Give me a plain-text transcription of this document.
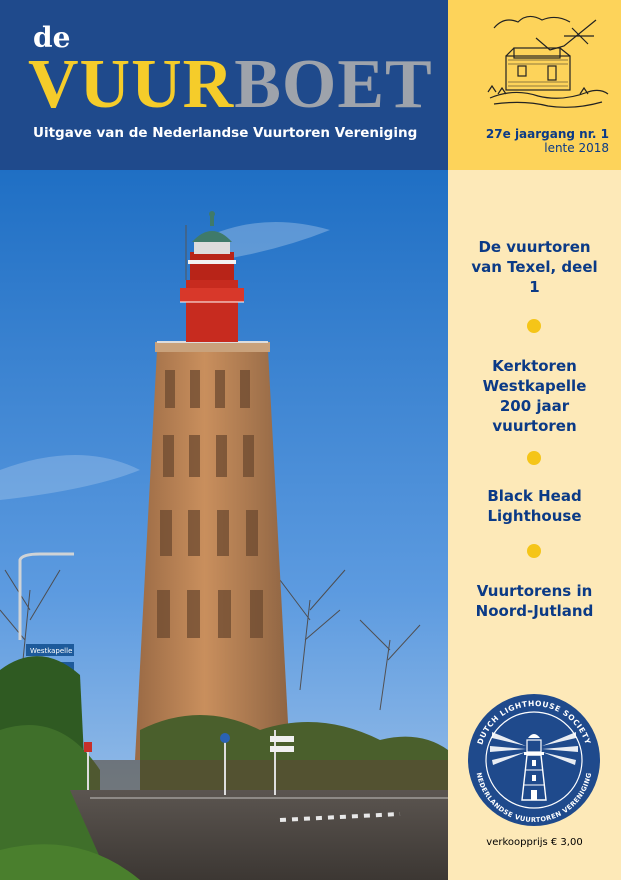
de
VUURBOET
Uitgave van de Nederlandse Vuurtoren Vereniging	27e jaargang nr. 1
lente 2018
Westkapelle
De vuurtoren van Texel, deel 1
Kerktoren Westkapelle 200 jaar vuurtoren
Black Head Lighthouse
Vuurtorens in Noord-Jutland
DUTCH LIGHTHOUSE SOCIETY
NEDERLANDSE VUURTOREN VERENIGING
verkoopprijs € 3,00
